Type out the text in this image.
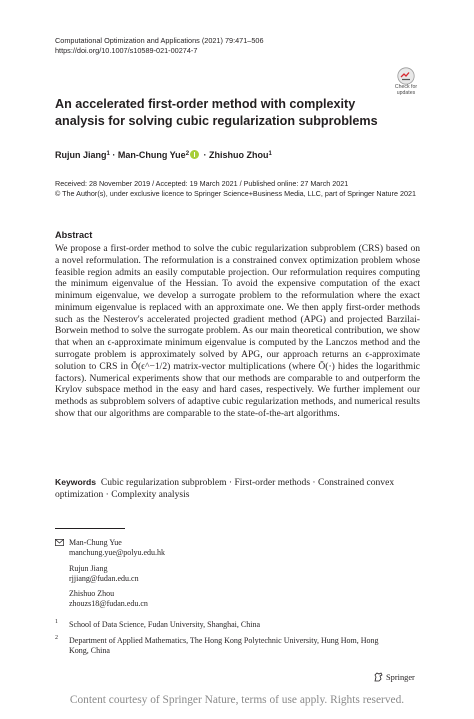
Computational Optimization and Applications (2021) 79:471–506
https://doi.org/10.1007/s10589-021-00274-7
Check for
updates
An accelerated first-order method with complexity analysis for solving cubic regularization subproblems
Rujun Jiang$^1$ · Man-Chung Yue$^2$ · Zhishuo Zhou$^1$
Received: 28 November 2019 / Accepted: 19 March 2021 / Published online: 27 March 2021
© The Author(s), under exclusive licence to Springer Science+Business Media, LLC, part of Springer Nature 2021
Abstract
We propose a first-order method to solve the cubic regularization subproblem (CRS) based on a novel reformulation. The reformulation is a constrained convex optimization problem whose feasible region admits an easily computable projection. Our reformulation requires computing the minimum eigenvalue of the Hessian. To avoid the expensive computation of the exact minimum eigenvalue, we develop a surrogate problem to the reformulation where the exact minimum eigenvalue is replaced with an approximate one. We then apply first-order methods such as the Nesterov's accelerated projected gradient method (APG) and projected Barzilai-Borwein method to solve the surrogate problem. As our main theoretical contribution, we show that when an ϵ-approximate minimum eigenvalue is computed by the Lanczos method and the surrogate problem is approximately solved by APG, our approach returns an ϵ-approximate solution to CRS in Õ(ϵ^−1/2) matrix-vector multiplications (where Õ(·) hides the logarithmic factors). Numerical experiments show that our methods are comparable to and outperform the Krylov subspace method in the easy and hard cases, respectively. We further implement our methods as subproblem solvers of adaptive cubic regularization methods, and numerical results show that our algorithms are comparable to the state-of-the-art algorithms.
Keywords Cubic regularization subproblem · First-order methods · Constrained convex optimization · Complexity analysis
Man-Chung Yue
manchung.yue@polyu.edu.hk
Rujun Jiang
rjjiang@fudan.edu.cn
Zhishuo Zhou
zhouzs18@fudan.edu.cn
1 School of Data Science, Fudan University, Shanghai, China
2 Department of Applied Mathematics, The Hong Kong Polytechnic University, Hung Hom, Hong Kong, China
Springer
Content courtesy of Springer Nature, terms of use apply. Rights reserved.
